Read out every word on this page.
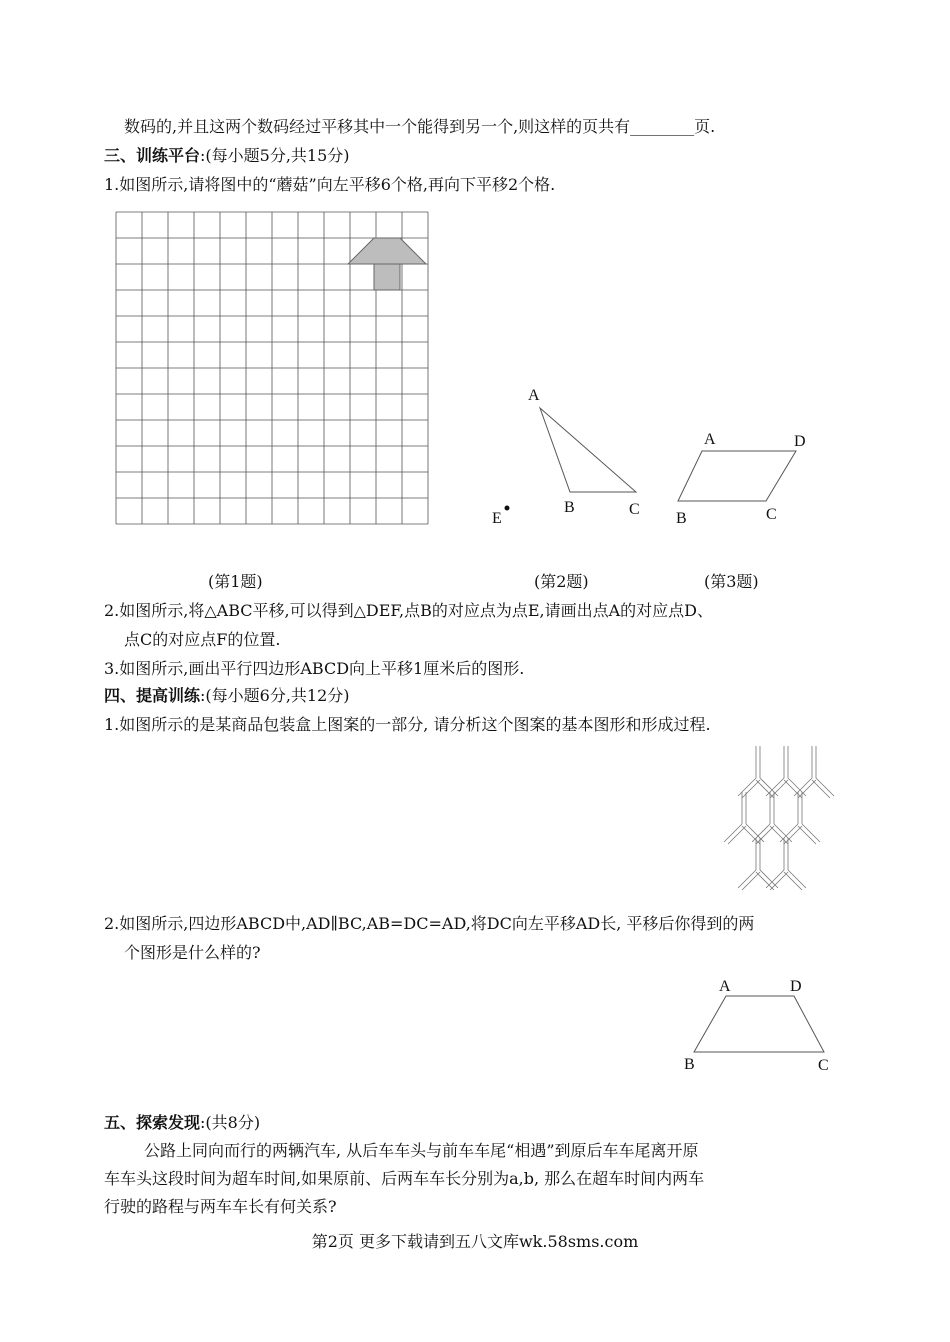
数码的,并且这两个数码经过平移其中一个能得到另一个,则这样的页共有________页.
三、训练平台:(每小题5分,共15分)
1.如图所示,请将图中的“蘑菇”向左平移6个格,再向下平移2个格.
A
B	C
E
A	D
B	C
(第1题)	(第2题)	(第3题)
2.如图所示,将△ABC平移,可以得到△DEF,点B的对应点为点E,请画出点A的对应点D、
点C的对应点F的位置.
3.如图所示,画出平行四边形ABCD向上平移1厘米后的图形.
四、提高训练:(每小题6分,共12分)
1.如图所示的是某商品包装盒上图案的一部分, 请分析这个图案的基本图形和形成过程.
2.如图所示,四边形ABCD中,AD∥BC,AB=DC=AD,将DC向左平移AD长, 平移后你得到的两
个图形是什么样的?
A	D
B	C
五、探索发现:(共8分)
公路上同向而行的两辆汽车, 从后车车头与前车车尾“相遇”到原后车车尾离开原
车车头这段时间为超车时间,如果原前、后两车车长分别为a,b, 那么在超车时间内两车
行驶的路程与两车车长有何关系?
第2页 更多下载请到五八文库wk.58sms.com
